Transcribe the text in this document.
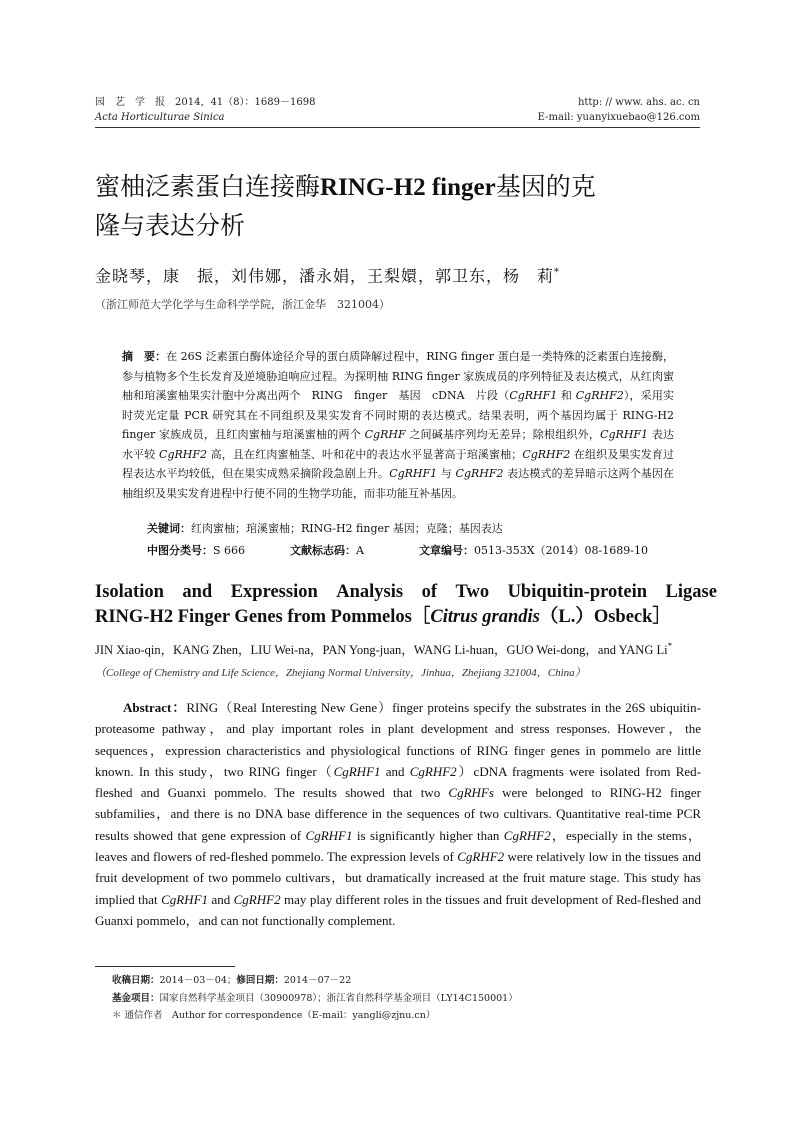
园　艺　学　报　2014，41（8）：1689－1698
Acta Horticulturae Sinica
http: // www. ahs. ac. cn
E-mail: yuanyixuebao@126.com
蜜柚泛素蛋白连接酶RING-H2 finger基因的克
隆与表达分析
金晓琴，康　振，刘伟娜，潘永娟，王梨嬛，郭卫东，杨　莉*
（浙江师范大学化学与生命科学学院，浙江金华　321004）
摘　要：在 26S 泛素蛋白酶体途径介导的蛋白质降解过程中，RING finger 蛋白是一类特殊的泛素蛋白连接酶，参与植物多个生长发育及逆境胁迫响应过程。为探明柚 RING finger 家族成员的序列特征及表达模式，从红肉蜜柚和琯溪蜜柚果实汁胞中分离出两个　RING　finger　基因　cDNA　片段（CgRHF1 和 CgRHF2），采用实时荧光定量 PCR 研究其在不同组织及果实发育不同时期的表达模式。结果表明，两个基因均属于 RING-H2 finger 家族成员，且红肉蜜柚与琯溪蜜柚的两个 CgRHF 之间碱基序列均无差异；除根组织外，CgRHF1 表达水平较 CgRHF2 高，且在红肉蜜柚茎、叶和花中的表达水平显著高于琯溪蜜柚；CgRHF2 在组织及果实发育过程表达水平均较低，但在果实成熟采摘阶段急剧上升。CgRHF1 与 CgRHF2 表达模式的差异暗示这两个基因在柚组织及果实发育进程中行使不同的生物学功能，而非功能互补基因。
关键词：红肉蜜柚；琯溪蜜柚；RING-H2 finger 基因；克隆；基因表达
中图分类号：S 666	文献标志码：A	文章编号：0513-353X（2014）08-1689-10
Isolation　and　Expression　Analysis　of　Two　Ubiquitin-protein　Ligase
RING-H2 Finger Genes from Pommelos［Citrus grandis（L.）Osbeck］
JIN Xiao-qin，KANG Zhen，LIU Wei-na，PAN Yong-juan，WANG Li-huan，GUO Wei-dong，and YANG Li*
（College of Chemistry and Life Science，Zhejiang Normal University，Jinhua，Zhejiang 321004，China）
Abstract：RING（Real Interesting New Gene）finger proteins specify the substrates in the 26S ubiquitin-proteasome pathway，and play important roles in plant development and stress responses. However，the sequences，expression characteristics and physiological functions of RING finger genes in pommelo are little known. In this study，two RING finger（CgRHF1 and CgRHF2）cDNA fragments were isolated from Red-fleshed and Guanxi pommelo. The results showed that two CgRHFs were belonged to RING-H2 finger subfamilies，and there is no DNA base difference in the sequences of two cultivars. Quantitative real-time PCR results showed that gene expression of CgRHF1 is significantly higher than CgRHF2，especially in the stems，leaves and flowers of red-fleshed pommelo. The expression levels of CgRHF2 were relatively low in the tissues and fruit development of two pommelo cultivars，but dramatically increased at the fruit mature stage. This study has implied that CgRHF1 and CgRHF2 may play different roles in the tissues and fruit development of Red-fleshed and Guanxi pommelo，and can not functionally complement.
收稿日期：2014－03－04；修回日期：2014－07－22
基金项目：国家自然科学基金项目（30900978）；浙江省自然科学基金项目（LY14C150001）
＊ 通信作者　Author for correspondence（E-mail：yangli@zjnu.cn）
